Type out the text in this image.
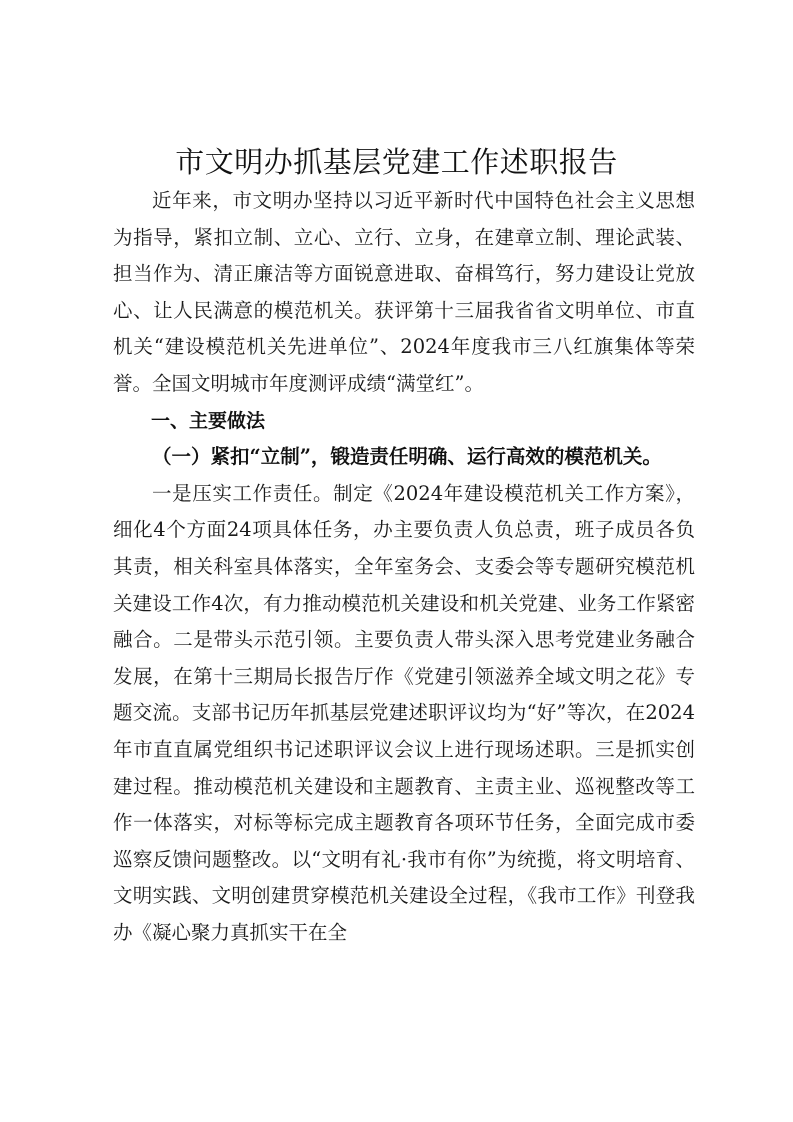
市文明办抓基层党建工作述职报告

近年来，市文明办坚持以习近平新时代中国特色社会主义思想为指导，紧扣立制、立心、立行、立身，在建章立制、理论武装、担当作为、清正廉洁等方面锐意进取、奋楫笃行，努力建设让党放心、让人民满意的模范机关。获评第十三届我省省文明单位、市直机关“建设模范机关先进单位”、2024年度我市三八红旗集体等荣誉。全国文明城市年度测评成绩“满堂红”。

一、主要做法

（一）紧扣“立制”，锻造责任明确、运行高效的模范机关。

一是压实工作责任。制定《2024年建设模范机关工作方案》，细化4个方面24项具体任务，办主要负责人负总责，班子成员各负其责，相关科室具体落实，全年室务会、支委会等专题研究模范机关建设工作4次，有力推动模范机关建设和机关党建、业务工作紧密融合。二是带头示范引领。主要负责人带头深入思考党建业务融合发展，在第十三期局长报告厅作《党建引领滋养全域文明之花》专题交流。支部书记历年抓基层党建述职评议均为“好”等次，在2024年市直直属党组织书记述职评议会议上进行现场述职。三是抓实创建过程。推动模范机关建设和主题教育、主责主业、巡视整改等工作一体落实，对标等标完成主题教育各项环节任务，全面完成市委巡察反馈问题整改。以“文明有礼·我市有你”为统揽，将文明培育、文明实践、文明创建贯穿模范机关建设全过程，《我市工作》刊登我办《凝心聚力真抓实干在全
